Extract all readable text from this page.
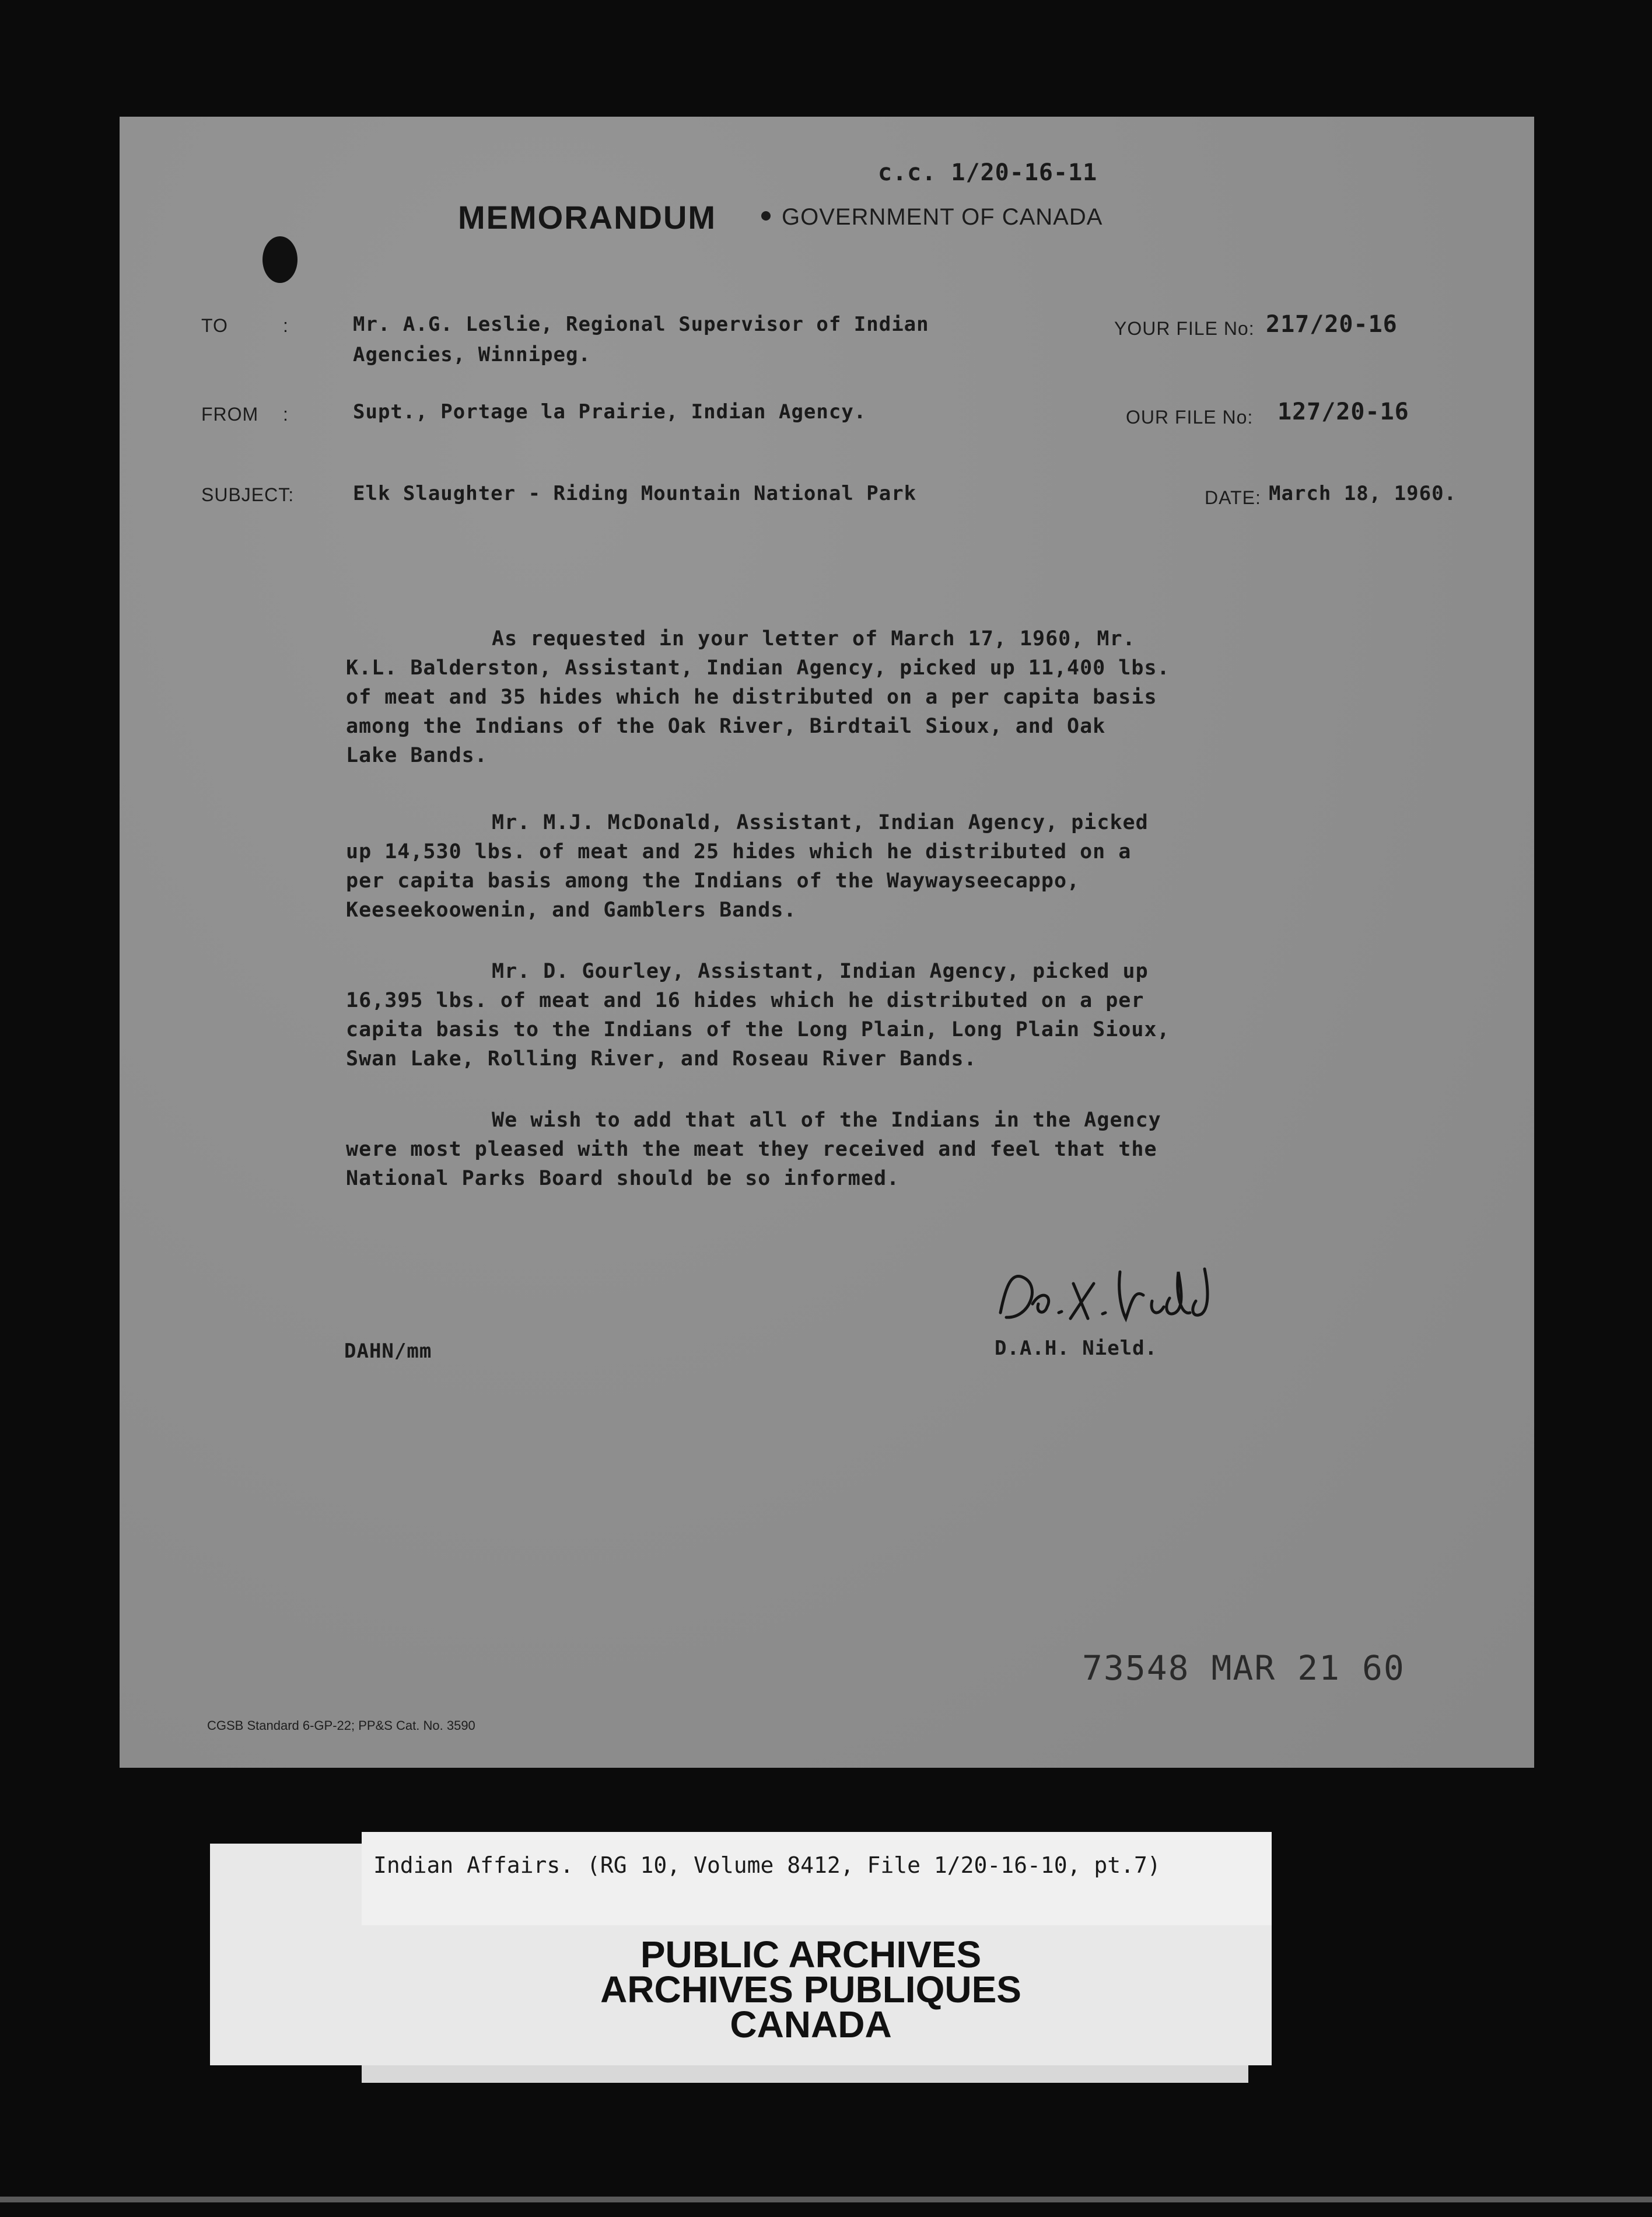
c.c. 1/20-16-11
MEMORANDUM	GOVERNMENT OF CANADA
TO	:	Mr. A.G. Leslie, Regional Supervisor of Indian
Agencies, Winnipeg.
YOUR FILE No: 217/20-16
FROM :	Supt., Portage la Prairie, Indian Agency.	OUR FILE No: 127/20-16
SUBJECT:	Elk Slaughter - Riding Mountain National Park	DATE: March 18, 1960.
As requested in your letter of March 17, 1960, Mr.
K.L. Balderston, Assistant, Indian Agency, picked up 11,400 lbs.
of meat and 35 hides which he distributed on a per capita basis
among the Indians of the Oak River, Birdtail Sioux, and Oak
Lake Bands.
Mr. M.J. McDonald, Assistant, Indian Agency, picked
up 14,530 lbs. of meat and 25 hides which he distributed on a
per capita basis among the Indians of the Waywayseecappo,
Keeseekoowenin, and Gamblers Bands.
Mr. D. Gourley, Assistant, Indian Agency, picked up
16,395 lbs. of meat and 16 hides which he distributed on a per
capita basis to the Indians of the Long Plain, Long Plain Sioux,
Swan Lake, Rolling River, and Roseau River Bands.
We wish to add that all of the Indians in the Agency
were most pleased with the meat they received and feel that the
National Parks Board should be so informed.
D.A.H. Nield.
DAHN/mm
73548 MAR 21 60
CGSB Standard 6-GP-22; PP&S Cat. No. 3590
Indian Affairs. (RG 10, Volume 8412, File 1/20-16-10, pt.7)
PUBLIC ARCHIVES
ARCHIVES PUBLIQUES
CANADA
